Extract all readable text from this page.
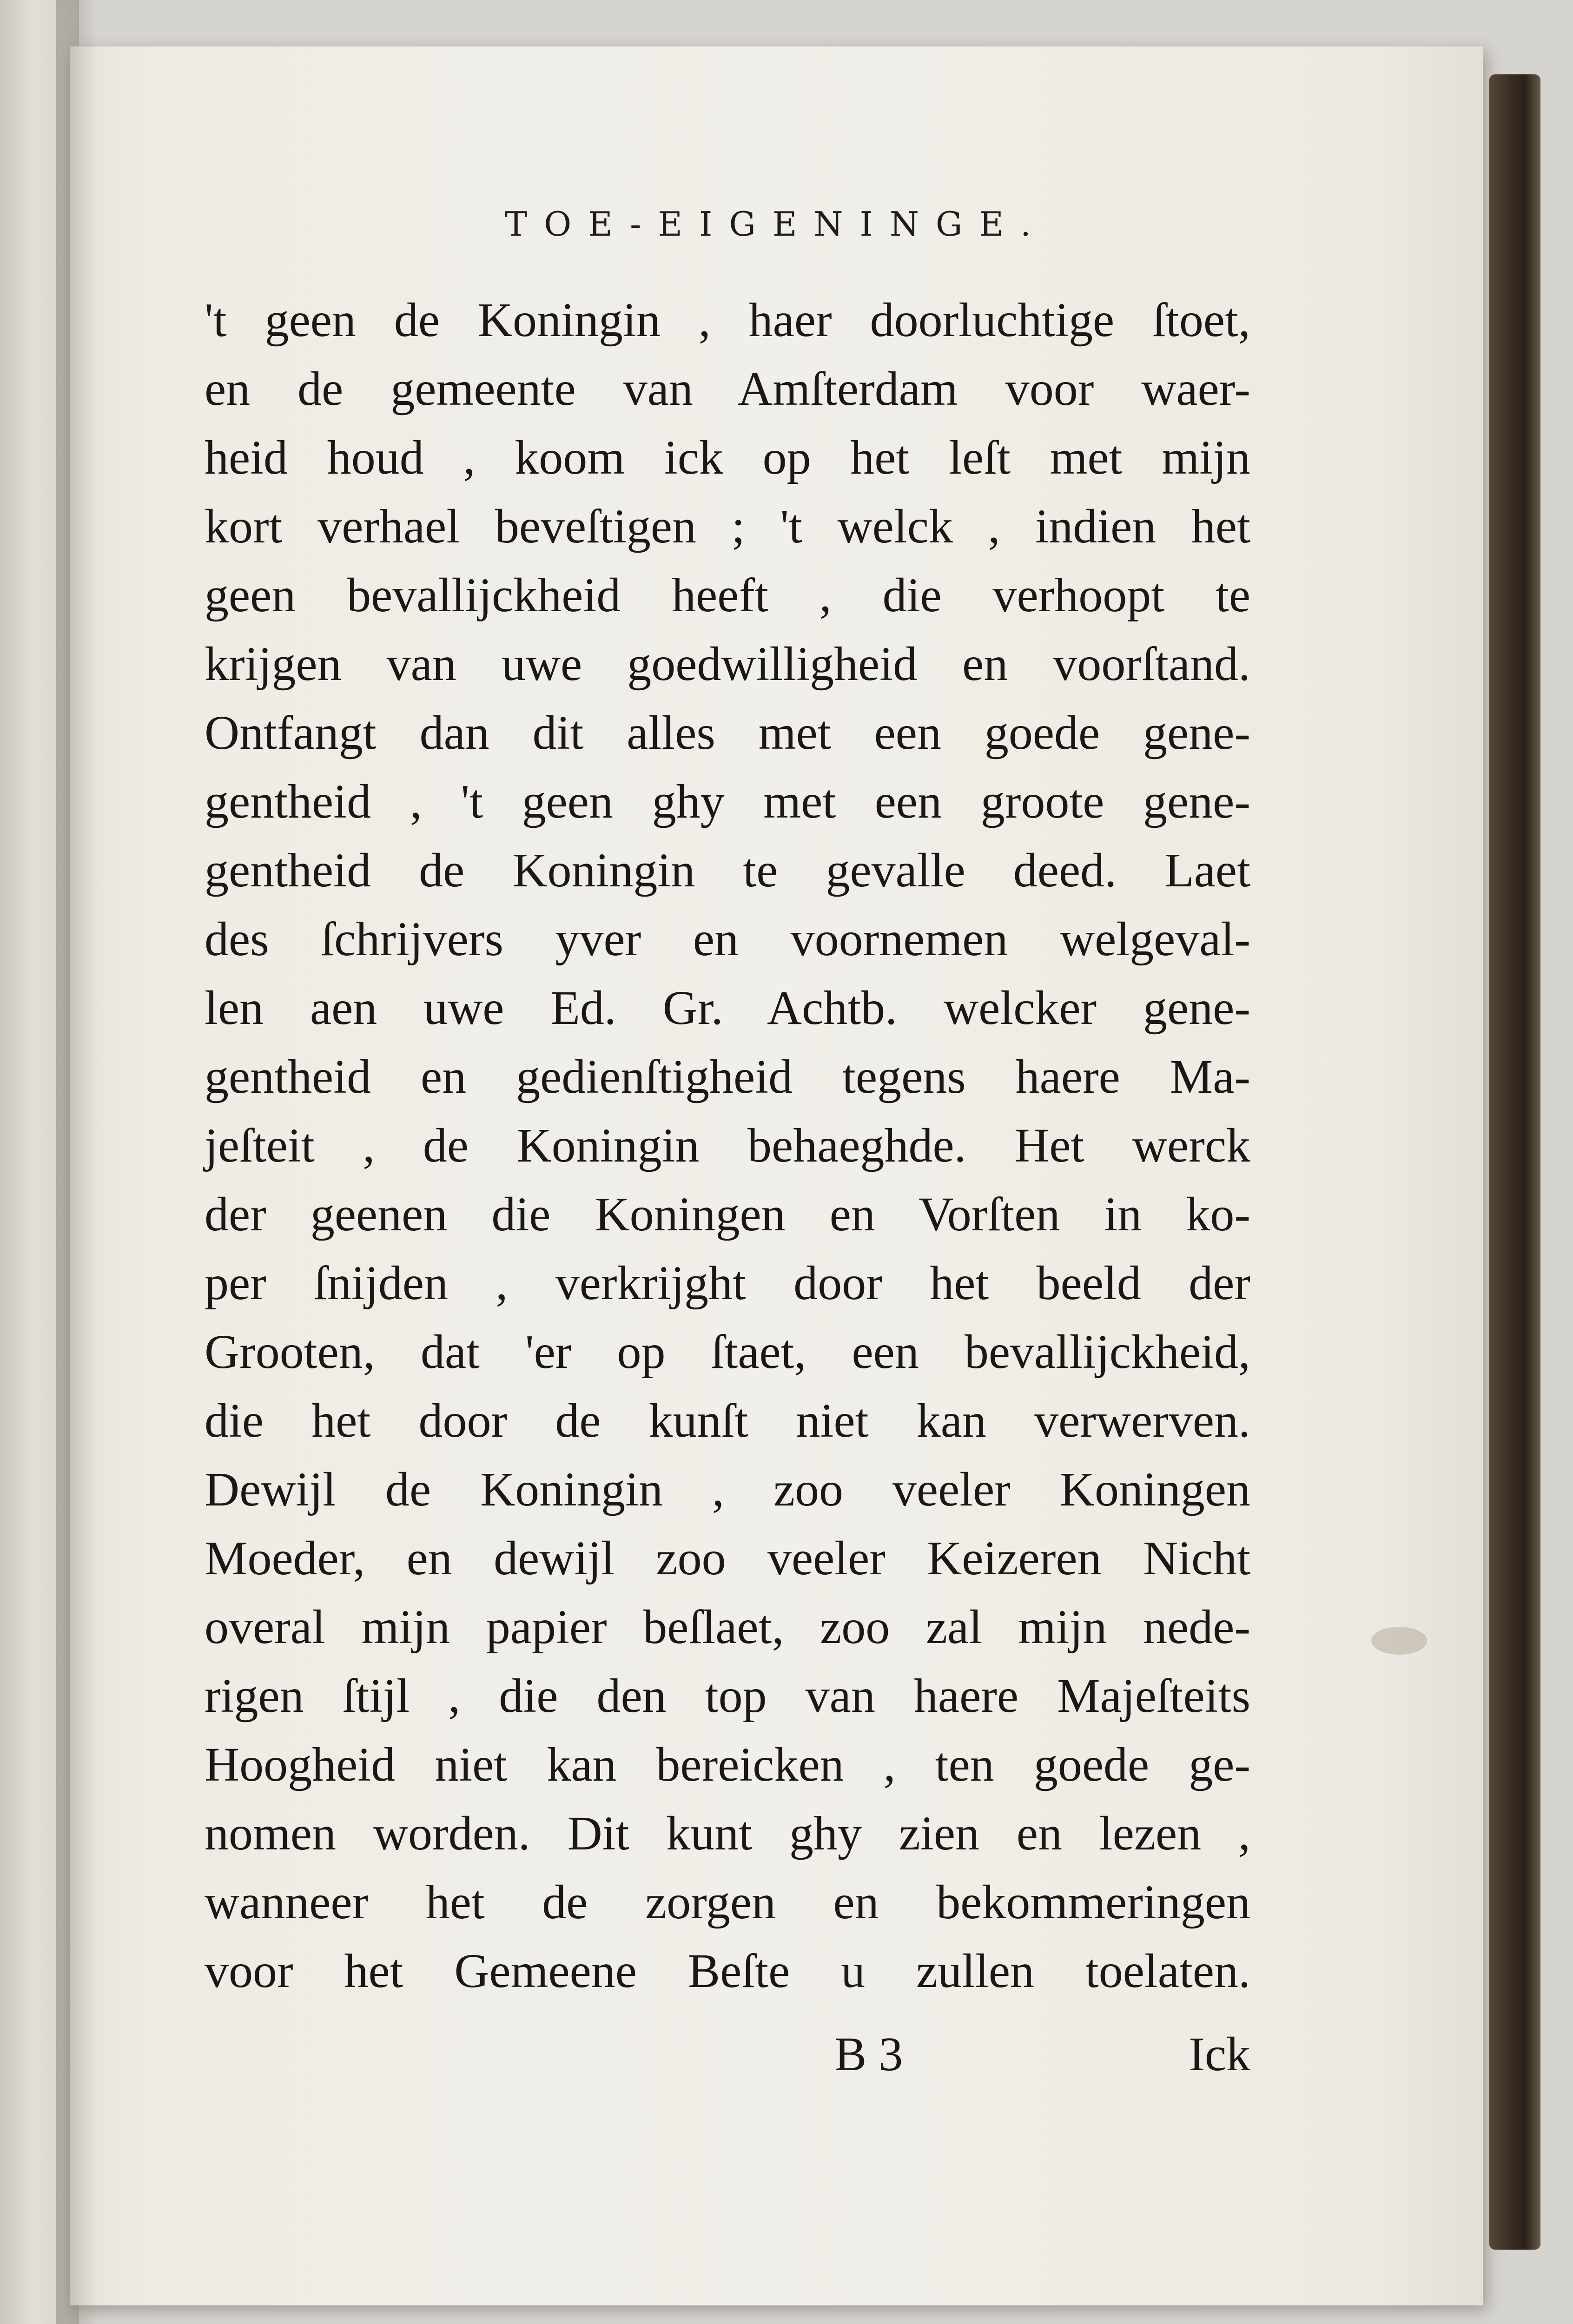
TOE-EIGENINGE.
't geen de Koningin , haer doorluchtige ſtoet,
en de gemeente van Amſterdam voor waer-
heid houd , koom ick op het leſt met mijn
kort verhael beveſtigen ; 't welck , indien het
geen bevallijckheid heeft , die verhoopt te
krijgen van uwe goedwilligheid en voorſtand.
Ontfangt dan dit alles met een goede gene-
gentheid , 't geen ghy met een groote gene-
gentheid de Koningin te gevalle deed. Laet
des ſchrijvers yver en voornemen welgeval-
len aen uwe Ed. Gr. Achtb. welcker gene-
gentheid en gedienſtigheid tegens haere Ma-
jeſteit , de Koningin behaeghde. Het werck
der geenen die Koningen en Vorſten in ko-
per ſnijden , verkrijght door het beeld der
Grooten, dat 'er op ſtaet, een bevallijckheid,
die het door de kunſt niet kan verwerven.
Dewijl de Koningin , zoo veeler Koningen
Moeder, en dewijl zoo veeler Keizeren Nicht
overal mijn papier beſlaet, zoo zal mijn nede-
rigen ſtijl , die den top van haere Majeſteits
Hoogheid niet kan bereicken , ten goede ge-
nomen worden. Dit kunt ghy zien en lezen ,
wanneer het de zorgen en bekommeringen
voor het Gemeene Beſte u zullen toelaten.
B 3	Ick
